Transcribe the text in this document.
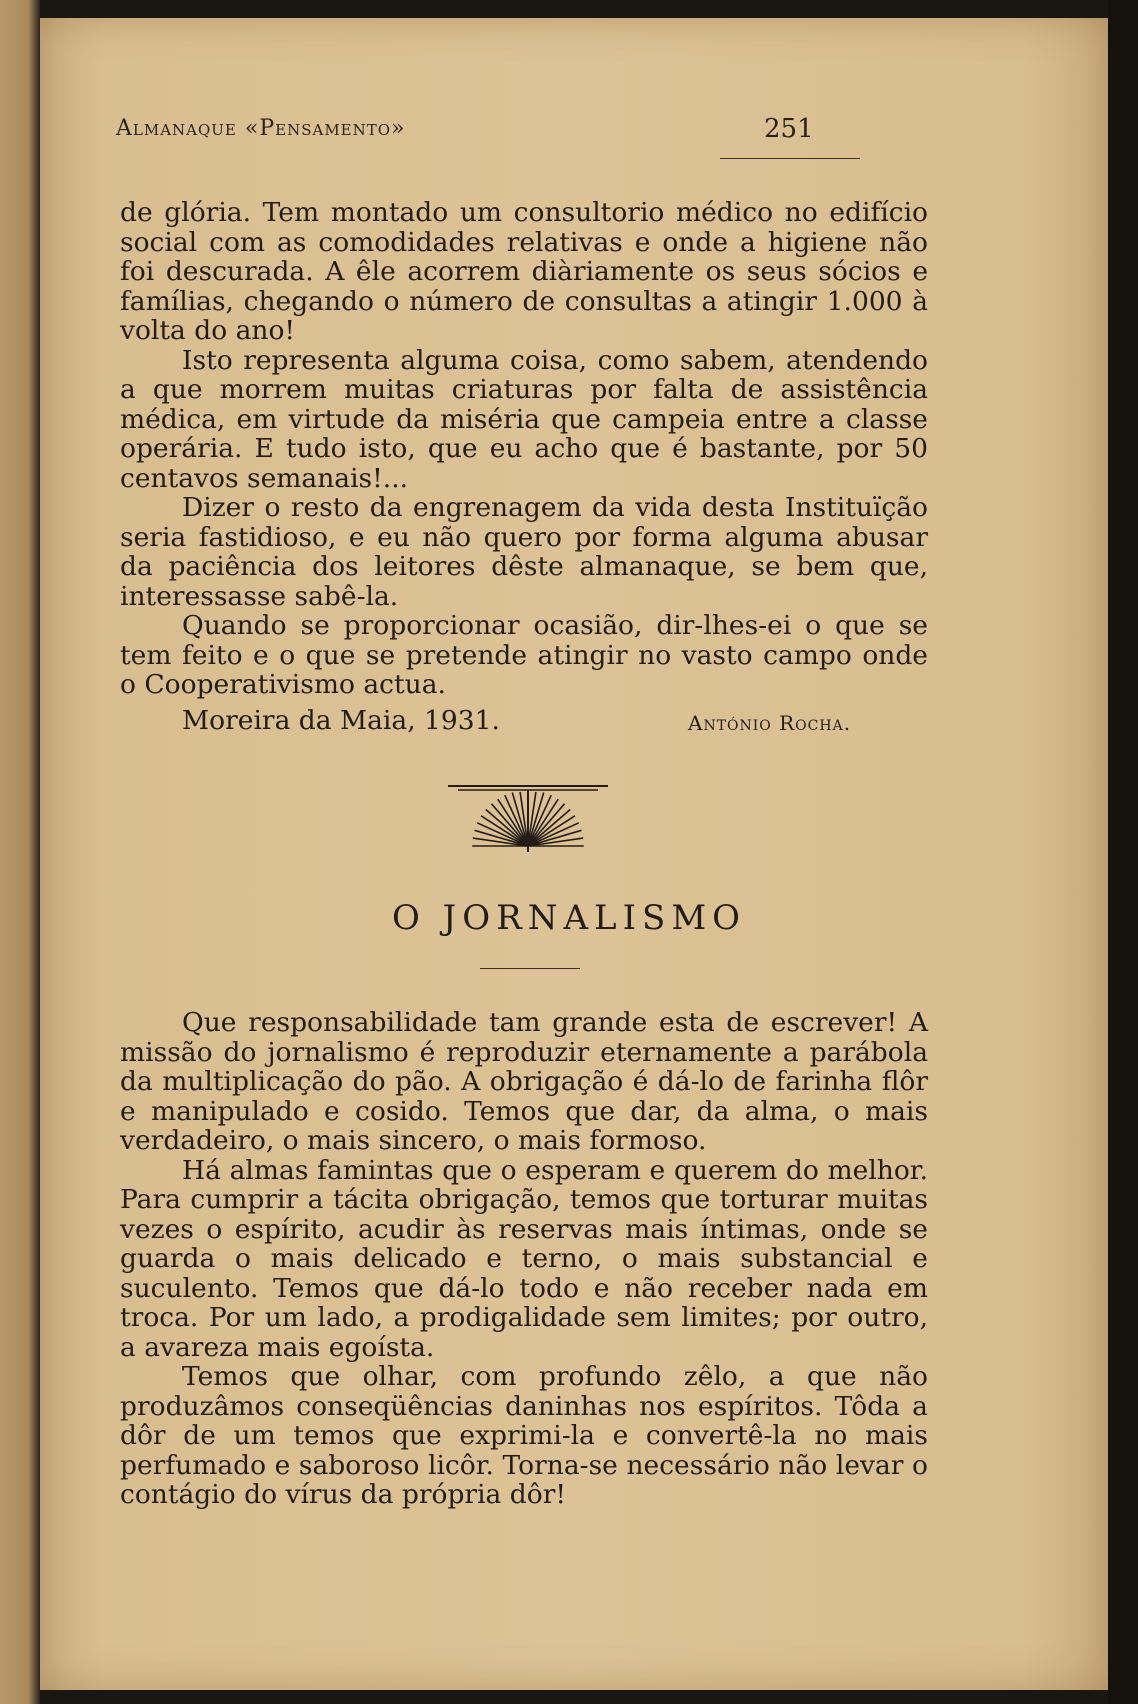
Almanaque «Pensamento»	251

de glória. Tem montado um consultorio médico no edifício social com as comodidades relativas e onde a higiene não foi descurada. A êle acorrem diàriamente os seus sócios e famílias, chegando o número de consultas a atingir 1.000 à volta do ano!

Isto representa alguma coisa, como sabem, atendendo a que morrem muitas criaturas por falta de assistência médica, em virtude da miséria que campeia entre a classe operária. E tudo isto, que eu acho que é bastante, por 50 centavos semanais!...

Dizer o resto da engrenagem da vida desta Instituïção seria fastidioso, e eu não quero por forma alguma abusar da paciência dos leitores dêste almanaque, se bem que, interessasse sabê-la.

Quando se proporcionar ocasião, dir-lhes-ei o que se tem feito e o que se pretende atingir no vasto campo onde o Cooperativismo actua.

Moreira da Maia, 1931.	António Rocha.
O JORNALISMO

Que responsabilidade tam grande esta de escrever! A missão do jornalismo é reproduzir eternamente a parábola da multiplicação do pão. A obrigação é dá-lo de farinha flôr e manipulado e cosido. Temos que dar, da alma, o mais verdadeiro, o mais sincero, o mais formoso.

Há almas famintas que o esperam e querem do melhor. Para cumprir a tácita obrigação, temos que torturar muitas vezes o espírito, acudir às reservas mais íntimas, onde se guarda o mais delicado e terno, o mais substancial e suculento. Temos que dá-lo todo e não receber nada em troca. Por um lado, a prodigalidade sem limites; por outro, a avareza mais egoísta.

Temos que olhar, com profundo zêlo, a que não produzâmos conseqüências daninhas nos espíritos. Tôda a dôr de um temos que exprimi-la e convertê-la no mais perfumado e saboroso licôr. Torna-se necessário não levar o contágio do vírus da própria dôr!
